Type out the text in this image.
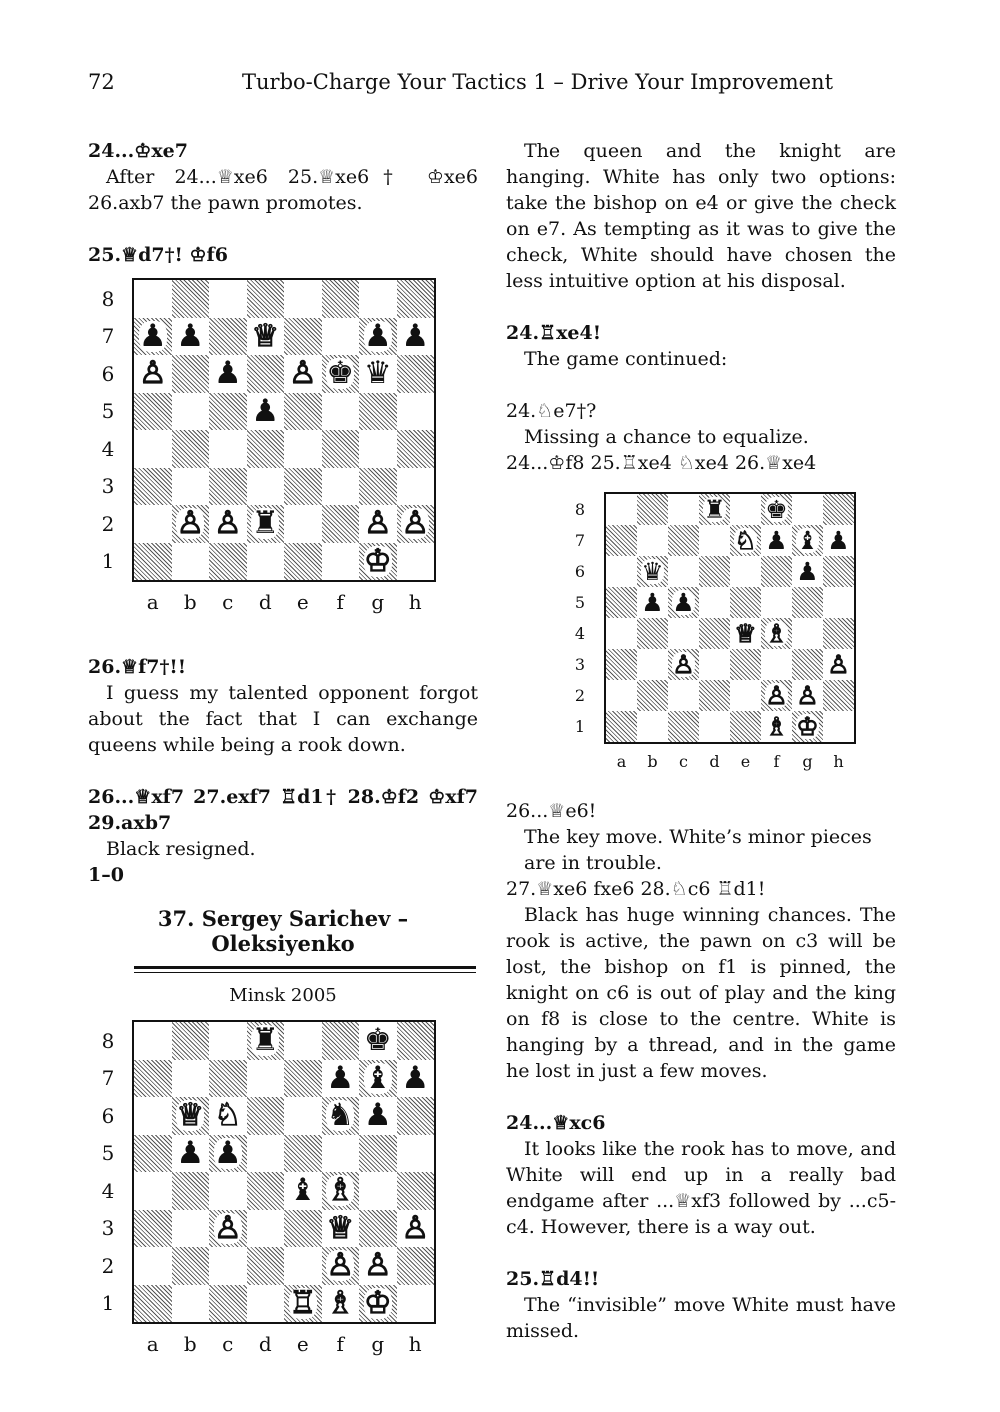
72	Turbo-Charge Your Tactics 1 – Drive Your Improvement

24...♔xe7

After 24...♕xe6 25.♕xe6† ♔xe6 26.axb7 the pawn promotes.

25.♕d7†! ♔f6

♟ ♟ ♕	♟ ♟
♙ ♟ ♙ ♚ ♛
♟
♙ ♙ ♜	♙ ♙
♔
8
7
6
5
4
3
2
1
a	b	c	d	e	f	g	h

26.♕f7†!!

I guess my talented opponent forgot about the fact that I can exchange queens while being a rook down.

26...♕xf7 27.exf7 ♖d1† 28.♔f2 ♔xf7 29.axb7

Black resigned.

1–0

37. Sergey Sarichev – Oleksiyenko
Minsk 2005
♜	♚
♟ ♝ ♟
♕ ♘	♞ ♟
♟ ♟
♝ ♗
♙	♕ ♙
♙ ♙
♖ ♗ ♔
8
7
6
5
4
3
2
1
a	b	c	d	e	f	g	h

The queen and the knight are hanging. White has only two options: take the bishop on e4 or give the check on e7. As tempting as it was to give the check, White should have chosen the less intuitive option at his disposal.

24.♖xe4!

The game continued:

24.♘e7†?

Missing a chance to equalize.

24...♔f8 25.♖xe4 ♘xe4 26.♕xe4

♜ ♚
♘ ♟ ♝ ♟
♛	♟
♟ ♟
♕ ♗
♙	♙
♙ ♙
♗ ♔
8
7
6
5
4
3
2
1
a	b	c	d	e	f	g	h

26...♕e6!

The key move. White’s minor pieces are in trouble.

27.♕xe6 fxe6 28.♘c6 ♖d1!

Black has huge winning chances. The rook is active, the pawn on c3 will be lost, the bishop on f1 is pinned, the knight on c6 is out of play and the king on f8 is close to the centre. White is hanging by a thread, and in the game he lost in just a few moves.

24...♕xc6

It looks like the rook has to move, and White will end up in a really bad endgame after ...♕xf3 followed by ...c5-c4. However, there is a way out.

25.♖d4!!

The “invisible” move White must have missed.
